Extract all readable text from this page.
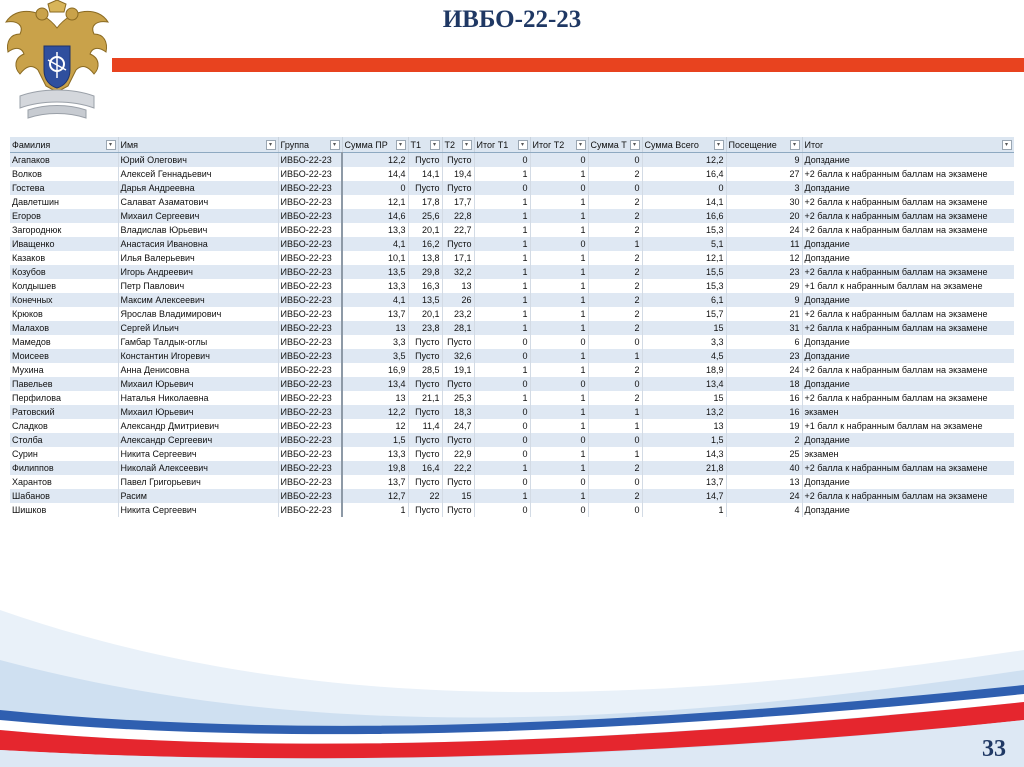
ИВБО-22-23
Фамилия ▾	Имя ▾	Группа ▾	Сумма ПР ▾	Т1 ▾	Т2 ▾	Итог Т1 ▾	Итог Т2 ▾	Сумма Т ▾	Сумма Всего ▾	Посещение ▾	Итог ▾

Агапаков	Юрий Олегович	ИВБО-22-23	12,2	Пусто	Пусто	0	0	0	12,2	9	Допздание
Волков	Алексей Геннадьевич	ИВБО-22-23	14,4	14,1	19,4	1	1	2	16,4	27	+2 балла к набранным баллам на экзамене
Гостева	Дарья Андреевна	ИВБО-22-23	0	Пусто	Пусто	0	0	0	0	3	Допздание
Давлетшин	Салават Азаматович	ИВБО-22-23	12,1	17,8	17,7	1	1	2	14,1	30	+2 балла к набранным баллам на экзамене
Егоров	Михаил Сергеевич	ИВБО-22-23	14,6	25,6	22,8	1	1	2	16,6	20	+2 балла к набранным баллам на экзамене
Загороднюк	Владислав Юрьевич	ИВБО-22-23	13,3	20,1	22,7	1	1	2	15,3	24	+2 балла к набранным баллам на экзамене
Иващенко	Анастасия Ивановна	ИВБО-22-23	4,1	16,2	Пусто	1	0	1	5,1	11	Допздание
Казаков	Илья Валерьевич	ИВБО-22-23	10,1	13,8	17,1	1	1	2	12,1	12	Допздание
Козубов	Игорь Андреевич	ИВБО-22-23	13,5	29,8	32,2	1	1	2	15,5	23	+2 балла к набранным баллам на экзамене
Колдышев	Петр Павлович	ИВБО-22-23	13,3	16,3	13	1	1	2	15,3	29	+1 балл к набранным баллам на экзамене
Конечных	Максим Алексеевич	ИВБО-22-23	4,1	13,5	26	1	1	2	6,1	9	Допздание
Крюков	Ярослав Владимирович	ИВБО-22-23	13,7	20,1	23,2	1	1	2	15,7	21	+2 балла к набранным баллам на экзамене
Малахов	Сергей Ильич	ИВБО-22-23	13	23,8	28,1	1	1	2	15	31	+2 балла к набранным баллам на экзамене
Мамедов	Гамбар Талдык-оглы	ИВБО-22-23	3,3	Пусто	Пусто	0	0	0	3,3	6	Допздание
Моисеев	Константин Игоревич	ИВБО-22-23	3,5	Пусто	32,6	0	1	1	4,5	23	Допздание
Мухина	Анна Денисовна	ИВБО-22-23	16,9	28,5	19,1	1	1	2	18,9	24	+2 балла к набранным баллам на экзамене
Павельев	Михаил Юрьевич	ИВБО-22-23	13,4	Пусто	Пусто	0	0	0	13,4	18	Допздание
Перфилова	Наталья Николаевна	ИВБО-22-23	13	21,1	25,3	1	1	2	15	16	+2 балла к набранным баллам на экзамене
Ратовский	Михаил Юрьевич	ИВБО-22-23	12,2	Пусто	18,3	0	1	1	13,2	16	экзамен
Сладков	Александр Дмитриевич	ИВБО-22-23	12	11,4	24,7	0	1	1	13	19	+1 балл к набранным баллам на экзамене
Столба	Александр Сергеевич	ИВБО-22-23	1,5	Пусто	Пусто	0	0	0	1,5	2	Допздание
Сурин	Никита Сергеевич	ИВБО-22-23	13,3	Пусто	22,9	0	1	1	14,3	25	экзамен
Филиппов	Николай Алексеевич	ИВБО-22-23	19,8	16,4	22,2	1	1	2	21,8	40	+2 балла к набранным баллам на экзамене
Харантов	Павел Григорьевич	ИВБО-22-23	13,7	Пусто	Пусто	0	0	0	13,7	13	Допздание
Шабанов	Расим	ИВБО-22-23	12,7	22	15	1	1	2	14,7	24	+2 балла к набранным баллам на экзамене
Шишков	Никита Сергеевич	ИВБО-22-23	1	Пусто	Пусто	0	0	0	1	4	Допздание
33
